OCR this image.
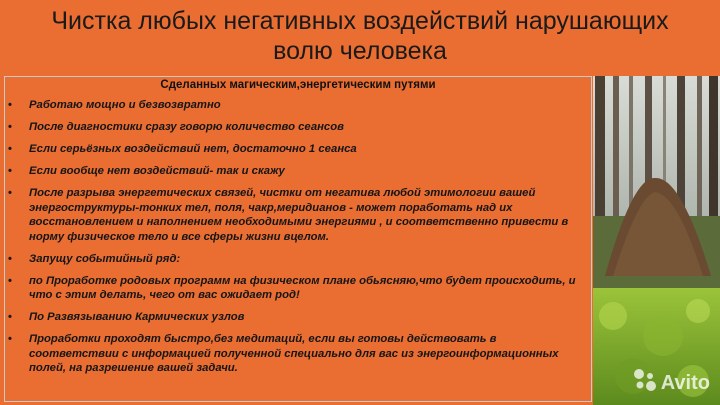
Чистка любых негативных воздействий нарушающих
волю человека
Сделанных магическим,энергетическим путями
• Работаю мощно и безвозвратно
• После диагностики сразу говорю количество сеансов
• Если серьёзных воздействий нет, достаточно 1 сеанса
• Если вообще нет воздействий- так и скажу
• После разрыва энергетических связей, чистки от негатива любой этимологии вашей энергоструктуры-тонких тел, поля, чакр,меридианов - может поработать над их восстановлением и наполнением необходимыми энергиями , и соответственно привести в норму физическое тело и все сферы жизни вцелом.
• Запущу событийный ряд:
• по Проработке родовых программ на физическом плане обьясняю,что будет происходить, и что с этим делать, чего от вас ожидает род!
• По Развязыванию Кармических узлов
• Проработки проходят быстро,без медитаций, если вы готовы действовать в соответствии с информацией полученной специально для вас из энергоинформационных полей, на разрешение вашей задачи.
Avito
